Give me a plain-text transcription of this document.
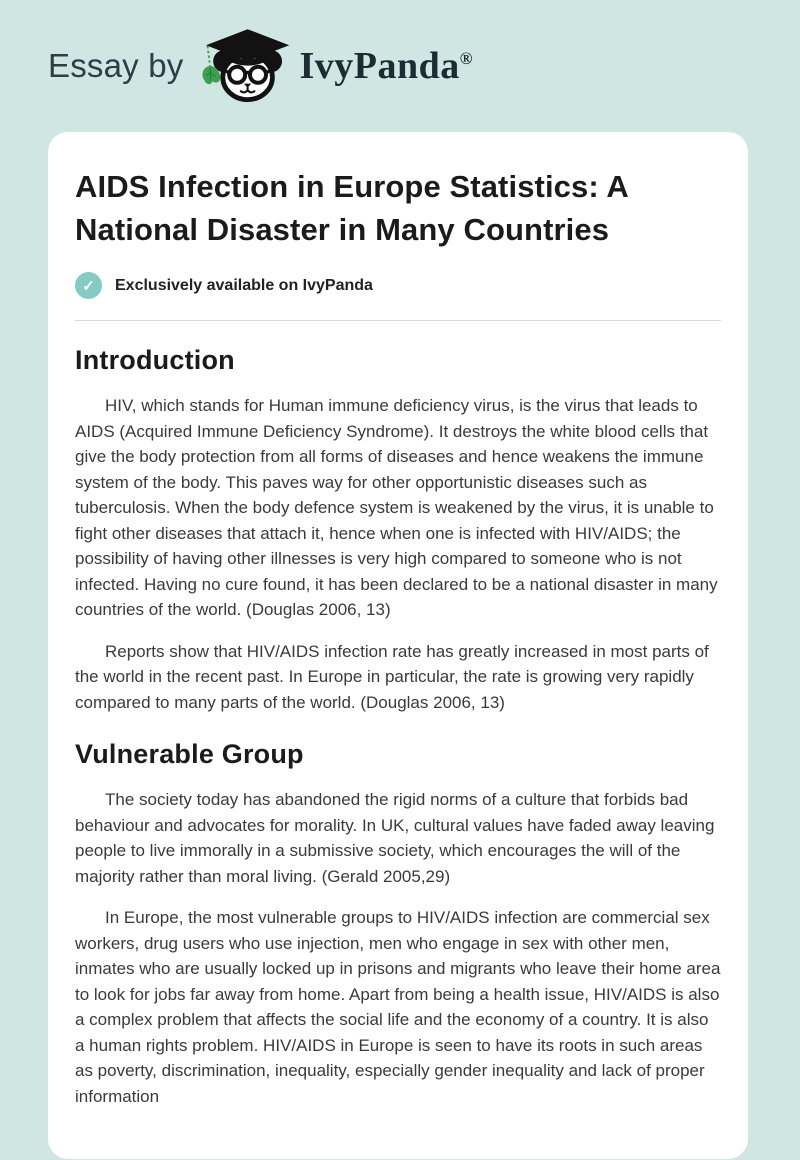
Essay by	IvyPanda®
AIDS Infection in Europe Statistics: A National Disaster in Many Countries
✓	Exclusively available on IvyPanda
Introduction

HIV, which stands for Human immune deficiency virus, is the virus that leads to AIDS (Acquired Immune Deficiency Syndrome). It destroys the white blood cells that give the body protection from all forms of diseases and hence weakens the immune system of the body. This paves way for other opportunistic diseases such as tuberculosis. When the body defence system is weakened by the virus, it is unable to fight other diseases that attach it, hence when one is infected with HIV/AIDS; the possibility of having other illnesses is very high compared to someone who is not infected. Having no cure found, it has been declared to be a national disaster in many countries of the world. (Douglas 2006, 13)

Reports show that HIV/AIDS infection rate has greatly increased in most parts of the world in the recent past. In Europe in particular, the rate is growing very rapidly compared to many parts of the world. (Douglas 2006, 13)

Vulnerable Group

The society today has abandoned the rigid norms of a culture that forbids bad behaviour and advocates for morality. In UK, cultural values have faded away leaving people to live immorally in a submissive society, which encourages the will of the majority rather than moral living. (Gerald 2005,29)

In Europe, the most vulnerable groups to HIV/AIDS infection are commercial sex workers, drug users who use injection, men who engage in sex with other men, inmates who are usually locked up in prisons and migrants who leave their home area to look for jobs far away from home. Apart from being a health issue, HIV/AIDS is also a complex problem that affects the social life and the economy of a country. It is also a human rights problem. HIV/AIDS in Europe is seen to have its roots in such areas as poverty, discrimination, inequality, especially gender inequality and lack of proper information
